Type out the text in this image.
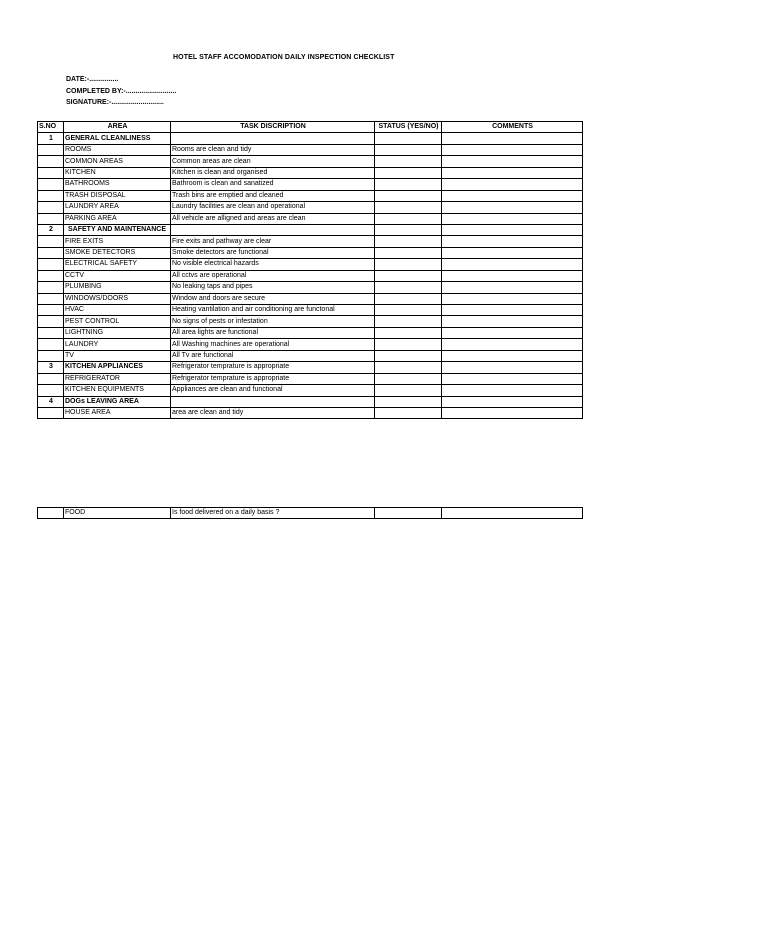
HOTEL STAFF ACCOMODATION DAILY INSPECTION CHECKLIST
DATE:-...............
COMPLETED BY:-..........................
SIGNATURE:-...........................
S.NO	AREA	TASK DISCRIPTION	STATUS (YES/NO)	COMMENTS
1	GENERAL CLEANLINESS			
	ROOMS	Rooms are clean and tidy		
	COMMON AREAS	Common areas are clean		
	KITCHEN	Kitchen is clean and organised		
	BATHROOMS	Bathroom is clean and sanatized		
	TRASH DISPOSAL	Trash bins are emptied and cleaned		
	LAUNDRY AREA	Laundry facilities are clean and operational		
	PARKING AREA	All vehicle are alligned and areas are clean		
2	SAFETY AND MAINTENANCE			
	FIRE EXITS	Fire exits and pathway are clear		
	SMOKE DETECTORS	Smoke detectors are functional		
	ELECTRICAL SAFETY	No visible electrical hazards		
	CCTV	All cctvs are operational		
	PLUMBING	No leaking taps and pipes		
	WINDOWS/DOORS	Window and doors are secure		
	HVAC	Heating vantilation and air conditioning are functonal		
	PEST CONTROL	No signs of pests or infestation		
	LIGHTNING	All area lights are functional		
	LAUNDRY	All Washing machines are operational		
	TV	All Tv are functional		
3	KITCHEN APPLIANCES	Refrigerator temprature is appropriate		
	REFRIGERATOR	Refrigerator temprature is appropriate		
	KITCHEN EQUIPMENTS	Appliances are clean and functional		
4	DOGs LEAVING AREA			
	HOUSE AREA	area are clean and tidy		
	FOOD	Is food delivered on a daily basis ?		
